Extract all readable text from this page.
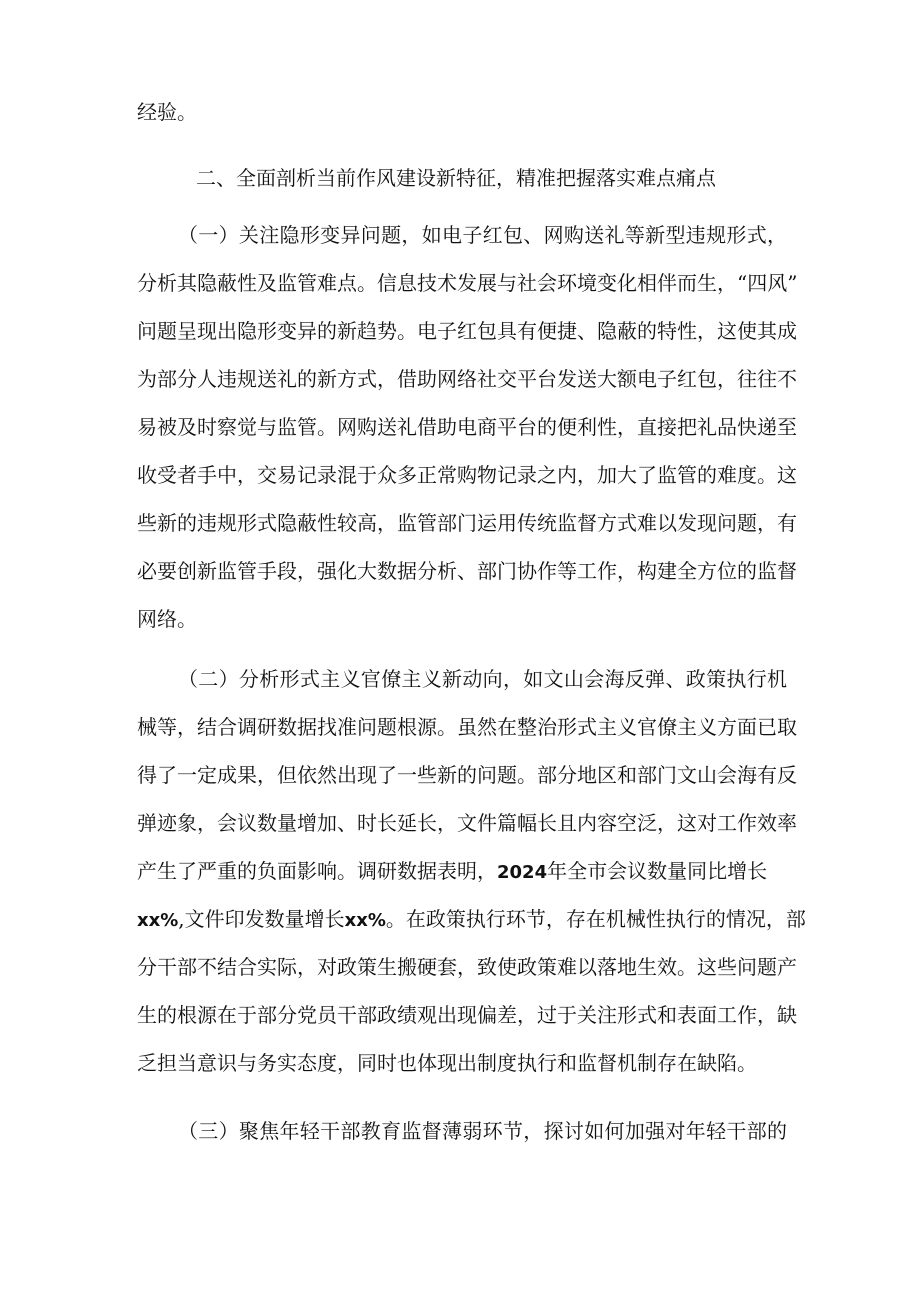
经验。
二、全面剖析当前作风建设新特征，精准把握落实难点痛点
（一）关注隐形变异问题，如电子红包、网购送礼等新型违规形式，
分析其隐蔽性及监管难点。信息技术发展与社会环境变化相伴而生，“四风”
问题呈现出隐形变异的新趋势。电子红包具有便捷、隐蔽的特性，这使其成
为部分人违规送礼的新方式，借助网络社交平台发送大额电子红包，往往不
易被及时察觉与监管。网购送礼借助电商平台的便利性，直接把礼品快递至
收受者手中，交易记录混于众多正常购物记录之内，加大了监管的难度。这
些新的违规形式隐蔽性较高，监管部门运用传统监督方式难以发现问题，有
必要创新监管手段，强化大数据分析、部门协作等工作，构建全方位的监督
网络。
（二）分析形式主义官僚主义新动向，如文山会海反弹、政策执行机
械等，结合调研数据找准问题根源。虽然在整治形式主义官僚主义方面已取
得了一定成果，但依然出现了一些新的问题。部分地区和部门文山会海有反
弹迹象，会议数量增加、时长延长，文件篇幅长且内容空泛，这对工作效率
产生了严重的负面影响。调研数据表明，2024年全市会议数量同比增长
xx%,文件印发数量增长xx%。在政策执行环节，存在机械性执行的情况，部
分干部不结合实际，对政策生搬硬套，致使政策难以落地生效。这些问题产
生的根源在于部分党员干部政绩观出现偏差，过于关注形式和表面工作，缺
乏担当意识与务实态度，同时也体现出制度执行和监督机制存在缺陷。
（三）聚焦年轻干部教育监督薄弱环节，探讨如何加强对年轻干部的
